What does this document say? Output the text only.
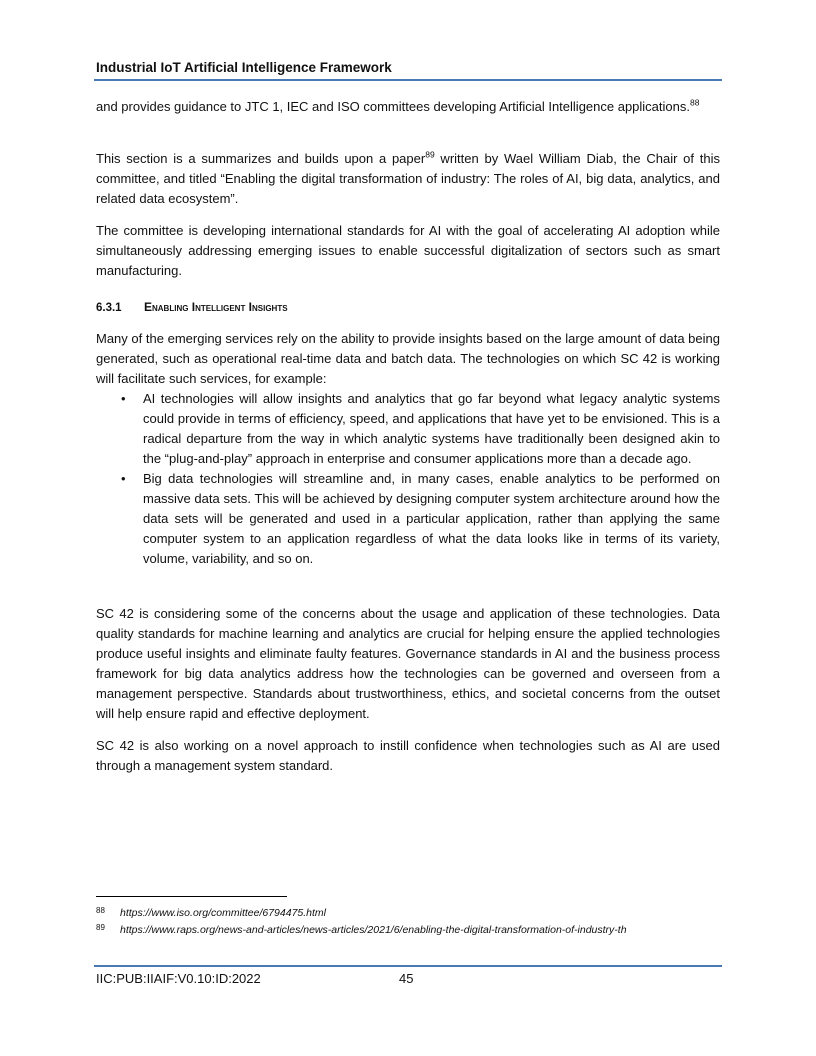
Industrial IoT Artificial Intelligence Framework
and provides guidance to JTC 1, IEC and ISO committees developing Artificial Intelligence applications.$^{88}$
This section is a summarizes and builds upon a paper$^{89}$ written by Wael William Diab, the Chair of this committee, and titled “Enabling the digital transformation of industry: The roles of AI, big data, analytics, and related data ecosystem”.
The committee is developing international standards for AI with the goal of accelerating AI adoption while simultaneously addressing emerging issues to enable successful digitalization of sectors such as smart manufacturing.
6.3.1 Enabling Intelligent Insights
Many of the emerging services rely on the ability to provide insights based on the large amount of data being generated, such as operational real-time data and batch data. The technologies on which SC 42 is working will facilitate such services, for example:
• AI technologies will allow insights and analytics that go far beyond what legacy analytic systems could provide in terms of efficiency, speed, and applications that have yet to be envisioned. This is a radical departure from the way in which analytic systems have traditionally been designed akin to the “plug-and-play” approach in enterprise and consumer applications more than a decade ago.
• Big data technologies will streamline and, in many cases, enable analytics to be performed on massive data sets. This will be achieved by designing computer system architecture around how the data sets will be generated and used in a particular application, rather than applying the same computer system to an application regardless of what the data looks like in terms of its variety, volume, variability, and so on.
SC 42 is considering some of the concerns about the usage and application of these technologies. Data quality standards for machine learning and analytics are crucial for helping ensure the applied technologies produce useful insights and eliminate faulty features. Governance standards in AI and the business process framework for big data analytics address how the technologies can be governed and overseen from a management perspective. Standards about trustworthiness, ethics, and societal concerns from the outset will help ensure rapid and effective deployment.
SC 42 is also working on a novel approach to instill confidence when technologies such as AI are used through a management system standard.
88	https://www.iso.org/committee/6794475.html
89	https://www.raps.org/news-and-articles/news-articles/2021/6/enabling-the-digital-transformation-of-industry-th
IIC:PUB:IIAIF:V0.10:ID:2022	45
